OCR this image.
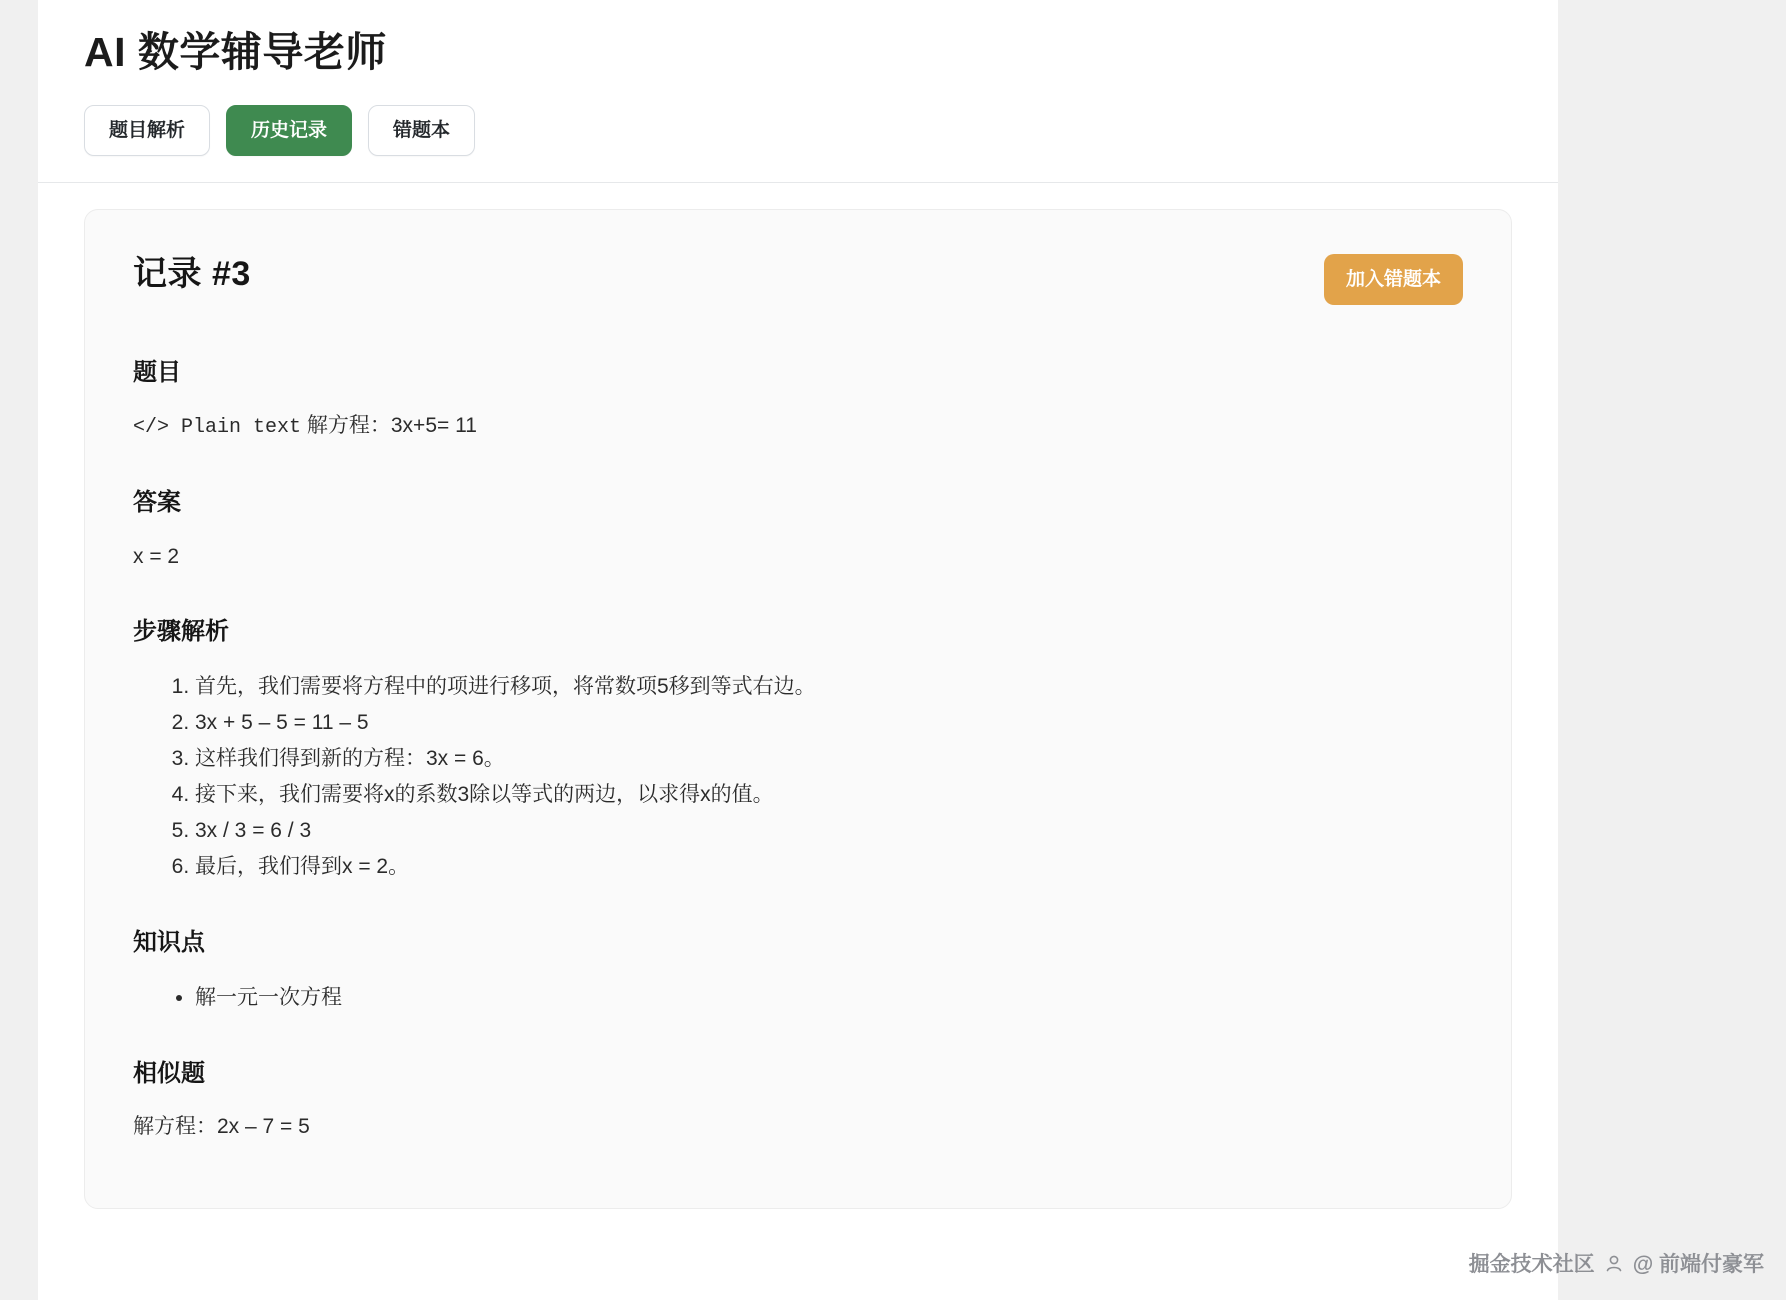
AI 数学辅导老师
题目解析	历史记录	错题本
记录 #3	加入错题本
题目

</> Plain text 解方程：3x+5= 11

答案

x = 2

步骤解析
1. 首先，我们需要将方程中的项进行移项，将常数项5移到等式右边。
2. 3x + 5 – 5 = 11 – 5
3. 这样我们得到新的方程：3x = 6。
4. 接下来，我们需要将x的系数3除以等式的两边，以求得x的值。
5. 3x / 3 = 6 / 3
6. 最后，我们得到x = 2。
知识点
• 解一元一次方程
相似题

解方程：2x – 7 = 5

掘金技术社区 @ 前端付豪军
